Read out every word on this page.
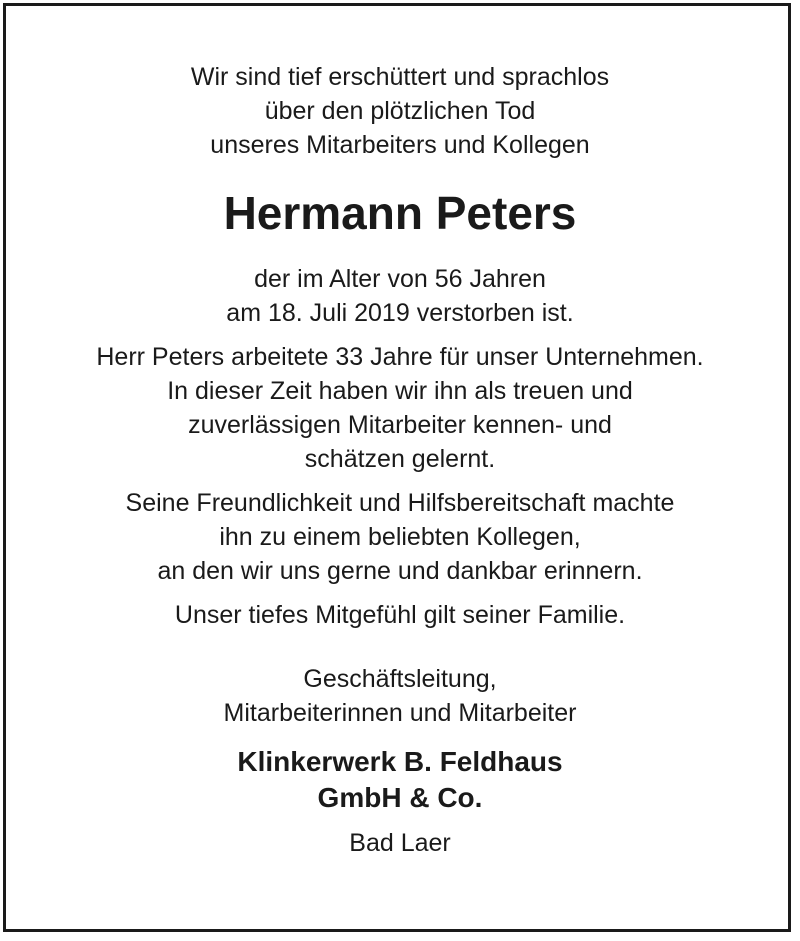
Wir sind tief erschüttert und sprachlos
über den plötzlichen Tod
unseres Mitarbeiters und Kollegen
Hermann Peters
der im Alter von 56 Jahren
am 18. Juli 2019 verstorben ist.
Herr Peters arbeitete 33 Jahre für unser Unternehmen.
In dieser Zeit haben wir ihn als treuen und
zuverlässigen Mitarbeiter kennen- und
schätzen gelernt.
Seine Freundlichkeit und Hilfsbereitschaft machte
ihn zu einem beliebten Kollegen,
an den wir uns gerne und dankbar erinnern.
Unser tiefes Mitgefühl gilt seiner Familie.
Geschäftsleitung,
Mitarbeiterinnen und Mitarbeiter
Klinkerwerk B. Feldhaus
GmbH & Co.
Bad Laer
